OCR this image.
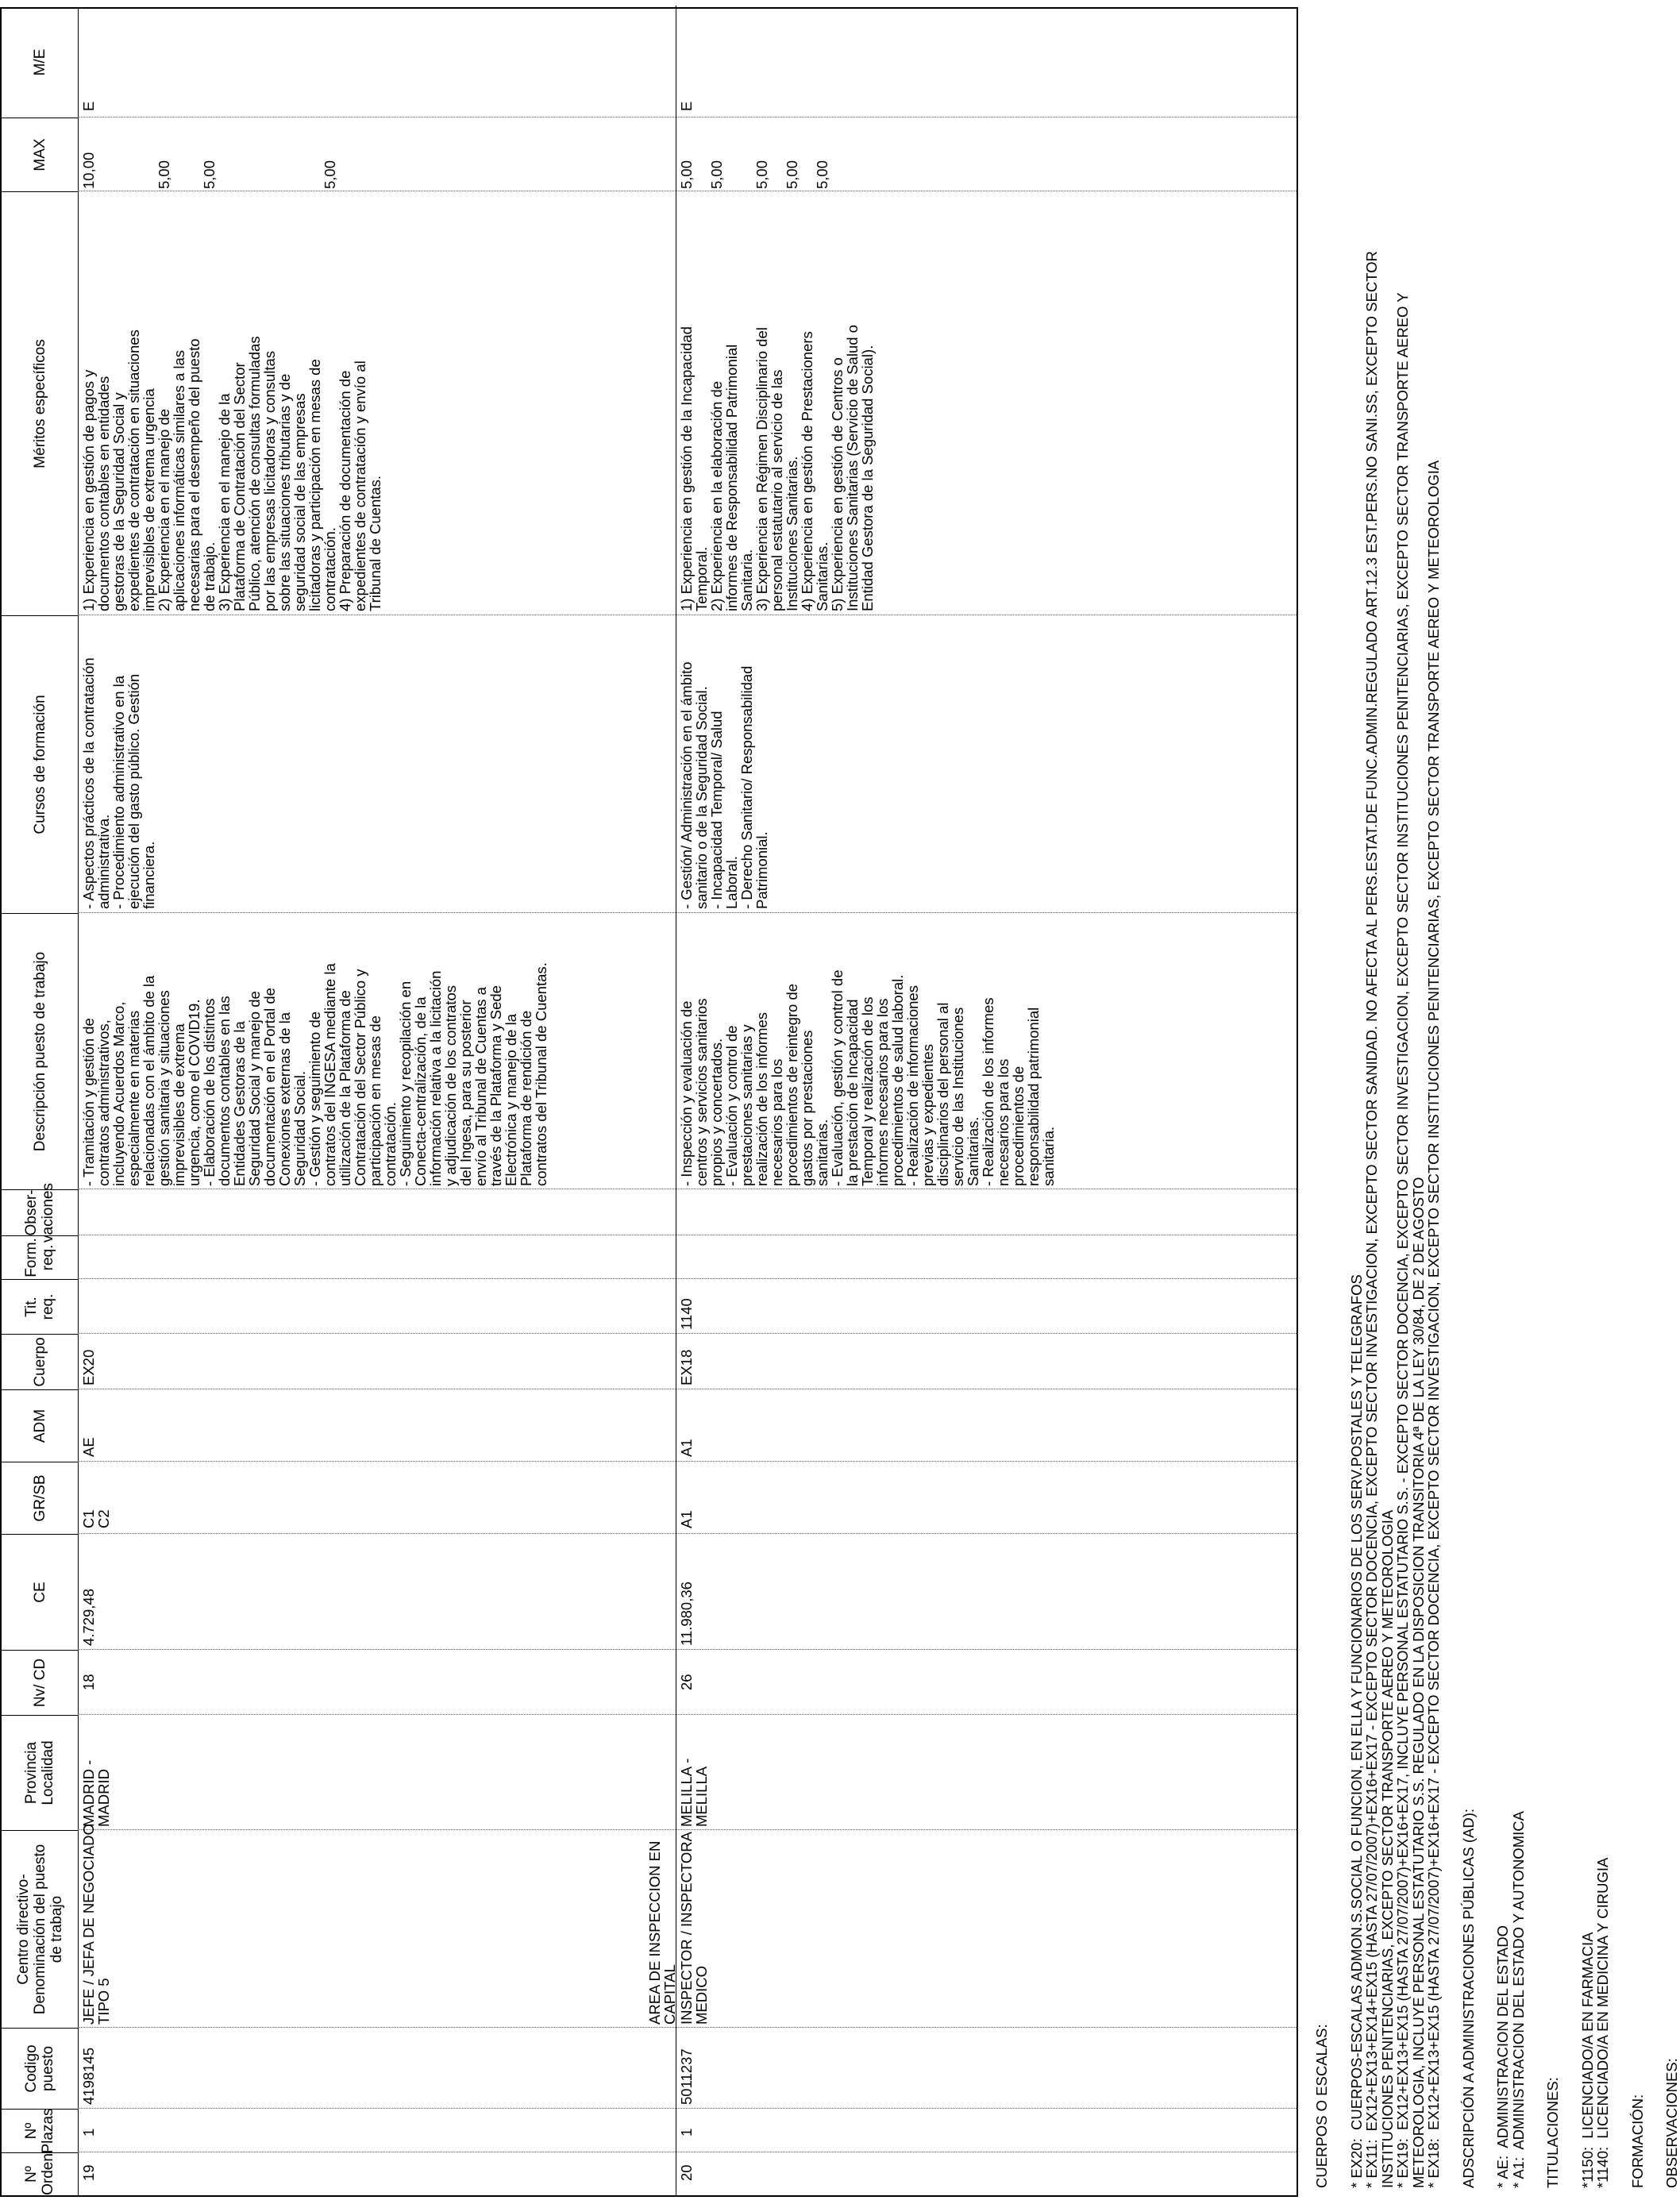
Nº Orden
Nº Plazas
Codigo puesto
Centro directivo- Denominación del puesto de trabajo
Provincia Localidad
Nv/ CD
CE
GR/SB
ADM
Cuerpo
Tit. req.
Form. req.
Obser- vaciones
Descripción puesto de trabajo
Cursos de formación
Méritos específicos
MAX
M/E
19
1
4198145
JEFE / JEFA DE NEGOCIADO
TIPO 5
MADRID -
MADRID
18
4.729,48
C1
C2
AE
EX20
- Tramitación y gestión de
contratos administrativos,
incluyendo Acuerdos Marco,
especialmente en materias
relacionadas con el ámbito de la
gestión sanitaria y situaciones
imprevisibles de extrema
urgencia, como el COVID19.
- Elaboración de los distintos
documentos contables en las
Entidades Gestoras de la
Seguridad Social y manejo de
documentación en el Portal de
Conexiones externas de la
Seguridad Social.
- Gestión y seguimiento de
contratos del INGESA mediante la
utilización de la Plataforma de
Contratación del Sector Público y
participación en mesas de
contratación.
- Seguimiento y recopilación en
Conecta-centralización, de la
información relativa a la licitación
y adjudicación de los contratos
del Ingesa, para su posterior
envío al Tribunal de Cuentas a
través de la Plataforma y Sede
Electrónica y manejo de la
Plataforma de rendición de
contratos del Tribunal de Cuentas.
- Aspectos prácticos de la contratación
administrativa.
- Procedimiento administrativo en la
ejecución del gasto público. Gestión
financiera.
1) Experiencia en gestión de pagos y
documentos contables en entidades
gestoras de la Seguridad Social y
expedientes de contratación en situaciones
imprevisibles de extrema urgencia
2) Experiencia en el manejo de
aplicaciones informáticas similares a las
necesarias para el desempeño del puesto
de trabajo.
3) Experiencia en el manejo de la
Plataforma de Contratación del Sector
Público, atención de consultas formuladas
por las empresas licitadoras y consultas
sobre las situaciones tributarias y de
seguridad social de las empresas
licitadoras y participación en mesas de
contratación.
4) Preparación de documentación de
expedientes de contratación y envío al
Tribunal de Cuentas.
10,00
E
5,00 5,00	5,00
20
1
5011237
AREA DE INSPECCION EN
CAPITAL INSPECTOR / INSPECTORA
MEDICO
MELILLA -
MELILLA
26
11.980,36
A1
A1
EX18
1140
- Inspección y evaluación de
centros y servicios sanitarios
propios y concertados.
- Evaluación y control de
prestaciones sanitarias y
realización de los informes
necesarios para los
procedimientos de reintegro de
gastos por prestaciones
sanitarias.
- Evaluación, gestión y control de
la prestación de Incapacidad
Temporal y realización de los
informes necesarios para los
procedimientos de salud laboral.
- Realización de informaciones
previas y expedientes
disciplinarios del personal al
servicio de las Instituciones
Sanitarias.
- Realización de los informes
necesarios para los
procedimientos de
responsabilidad patrimonial
sanitaria.
- Gestión/ Administración en el ámbito
sanitario o de la Seguridad Social.
- Incapacidad Temporal/ Salud
Laboral.
- Derecho Sanitario/ Responsabilidad
Patrimonial.
1) Experiencia en gestión de la Incapacidad
Temporal.
2) Experiencia en la elaboración de
informes de Responsabilidad Patrimonial
Sanitaria.
3) Experiencia en Régimen Disciplinario del
personal estatutario al servicio de las
Instituciones Sanitarias.
4) Experiencia en gestión de Prestacioners
Sanitarias.
5) Experiencia en gestión de Centros o
Instituciones Sanitarias (Servicio de Salud o
Entidad Gestora de la Seguridad Social).
5,00
E
5,00 5,00 5,00 5,00
CUERPOS O ESCALAS: * EX20:  CUERPOS-ESCALAS ADMON.S.SOCIAL O FUNCION, EN ELLA Y FUNCIONARIOS DE LOS SERV.POSTALES Y TELEGRAFOS
* EX11:  EX12+EX13+EX14+EX15 (HASTA 27/07/2007)+EX16+EX17 - EXCEPTO SECTOR DOCENCIA, EXCEPTO SECTOR INVESTIGACION, EXCEPTO SECTOR SANIDAD. NO AFECTA AL PERS.ESTAT.DE FUNC.ADMIN.REGULADO ART.12.3 EST.PERS.NO SANI.SS, EXCEPTO SECTOR
INSTITUCIONES PENITENCIARIAS, EXCEPTO SECTOR TRANSPORTE AEREO Y METEOROLOGIA
* EX19:  EX12+EX13+EX15 (HASTA 27/07/2007)+EX16+EX17, INCLUYE PERSONAL ESTATUTARIO S.S. - EXCEPTO SECTOR DOCENCIA, EXCEPTO SECTOR INVESTIGACION, EXCEPTO SECTOR INSTITUCIONES PENITENCIARIAS, EXCEPTO SECTOR TRANSPORTE AEREO Y
METEOROLOGIA, INCLUYE PERSONAL ESTATUTARIO S.S. REGULADO EN LA DISPOSICION TRANSITORIA 4ª DE LA LEY 30/84, DE 2 DE AGOSTO
* EX18:  EX12+EX13+EX15 (HASTA 27/07/2007)+EX16+EX17 - EXCEPTO SECTOR DOCENCIA, EXCEPTO SECTOR INVESTIGACION, EXCEPTO SECTOR INSTITUCIONES PENITENCIARIAS, EXCEPTO SECTOR TRANSPORTE AEREO Y METEOROLOGIA ADSCRIPCIÓN A ADMINISTRACIONES PÚBLICAS (AD): * AE:  ADMINISTRACION DEL ESTADO
* A1:  ADMINISTRACION DEL ESTADO Y AUTONOMICA TITULACIONES: *1150:  LICENCIADO/A EN FARMACIA
*1140:  LICENCIADO/A EN MEDICINA Y CIRUGIA FORMACIÓN: OBSERVACIONES:
